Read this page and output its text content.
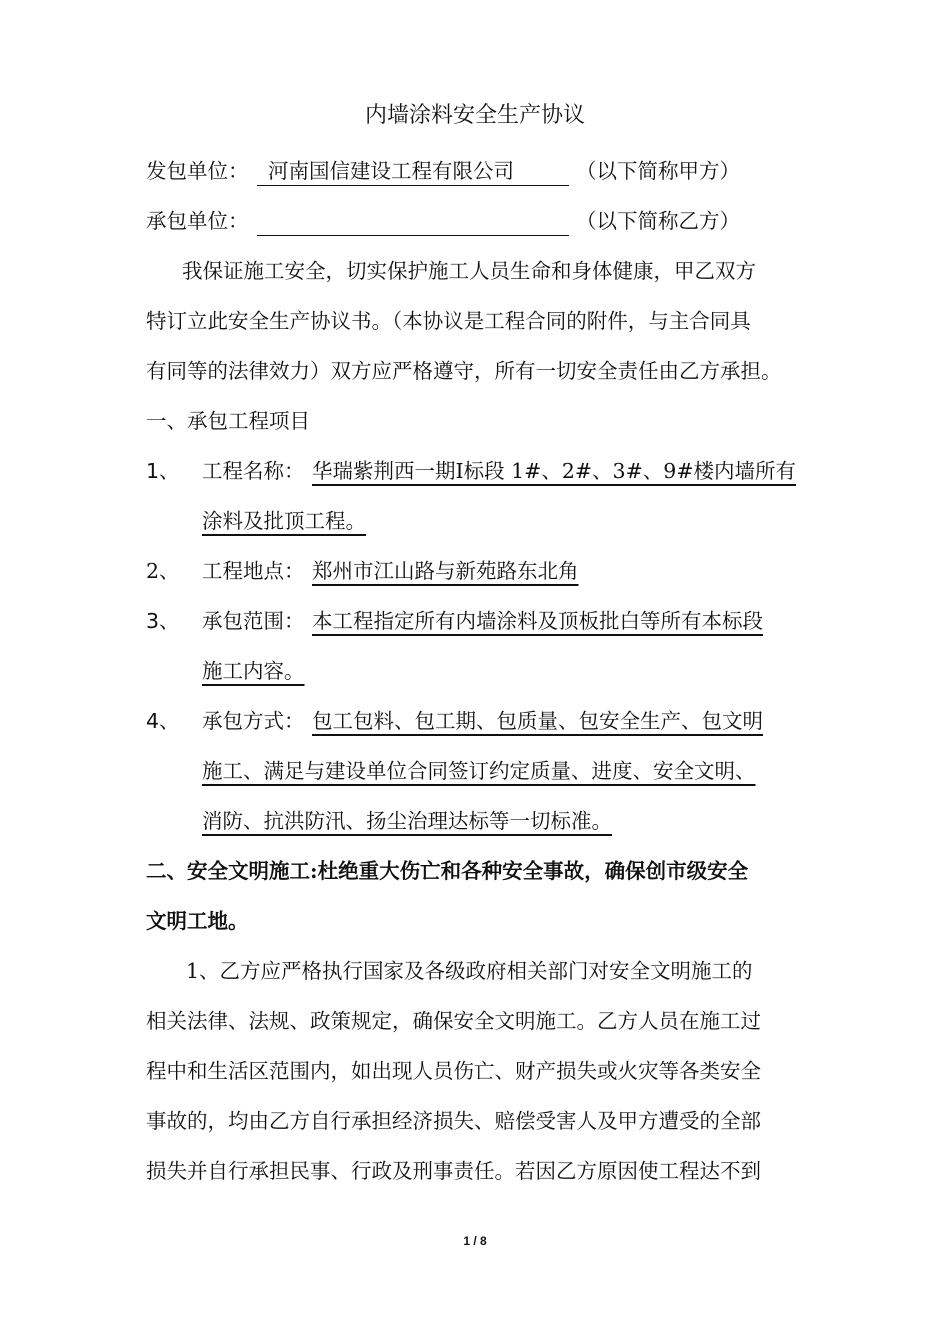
内墙涂料安全生产协议
发包单位： 河南国信建设工程有限公司	（以下简称甲方）
承包单位：	（以下简称乙方）
我保证施工安全，切实保护施工人员生命和身体健康，甲乙双方
特订立此安全生产协议书。（本协议是工程合同的附件，与主合同具
有同等的法律效力）双方应严格遵守，所有一切安全责任由乙方承担。
一、承包工程项目
1、 工程名称： 华瑞紫荆西一期Ⅰ标段 1#、2#、3#、9#楼内墙所有
涂料及批顶工程。
2、 工程地点： 郑州市江山路与新苑路东北角
3、 承包范围： 本工程指定所有内墙涂料及顶板批白等所有本标段
施工内容。
4、 承包方式： 包工包料、包工期、包质量、包安全生产、包文明
施工、满足与建设单位合同签订约定质量、进度、安全文明、
消防、抗洪防汛、扬尘治理达标等一切标准。
二、安全文明施工:杜绝重大伤亡和各种安全事故，确保创市级安全
文明工地。
1、乙方应严格执行国家及各级政府相关部门对安全文明施工的
相关法律、法规、政策规定，确保安全文明施工。乙方人员在施工过
程中和生活区范围内，如出现人员伤亡、财产损失或火灾等各类安全
事故的，均由乙方自行承担经济损失、赔偿受害人及甲方遭受的全部
损失并自行承担民事、行政及刑事责任。若因乙方原因使工程达不到
1 / 8
